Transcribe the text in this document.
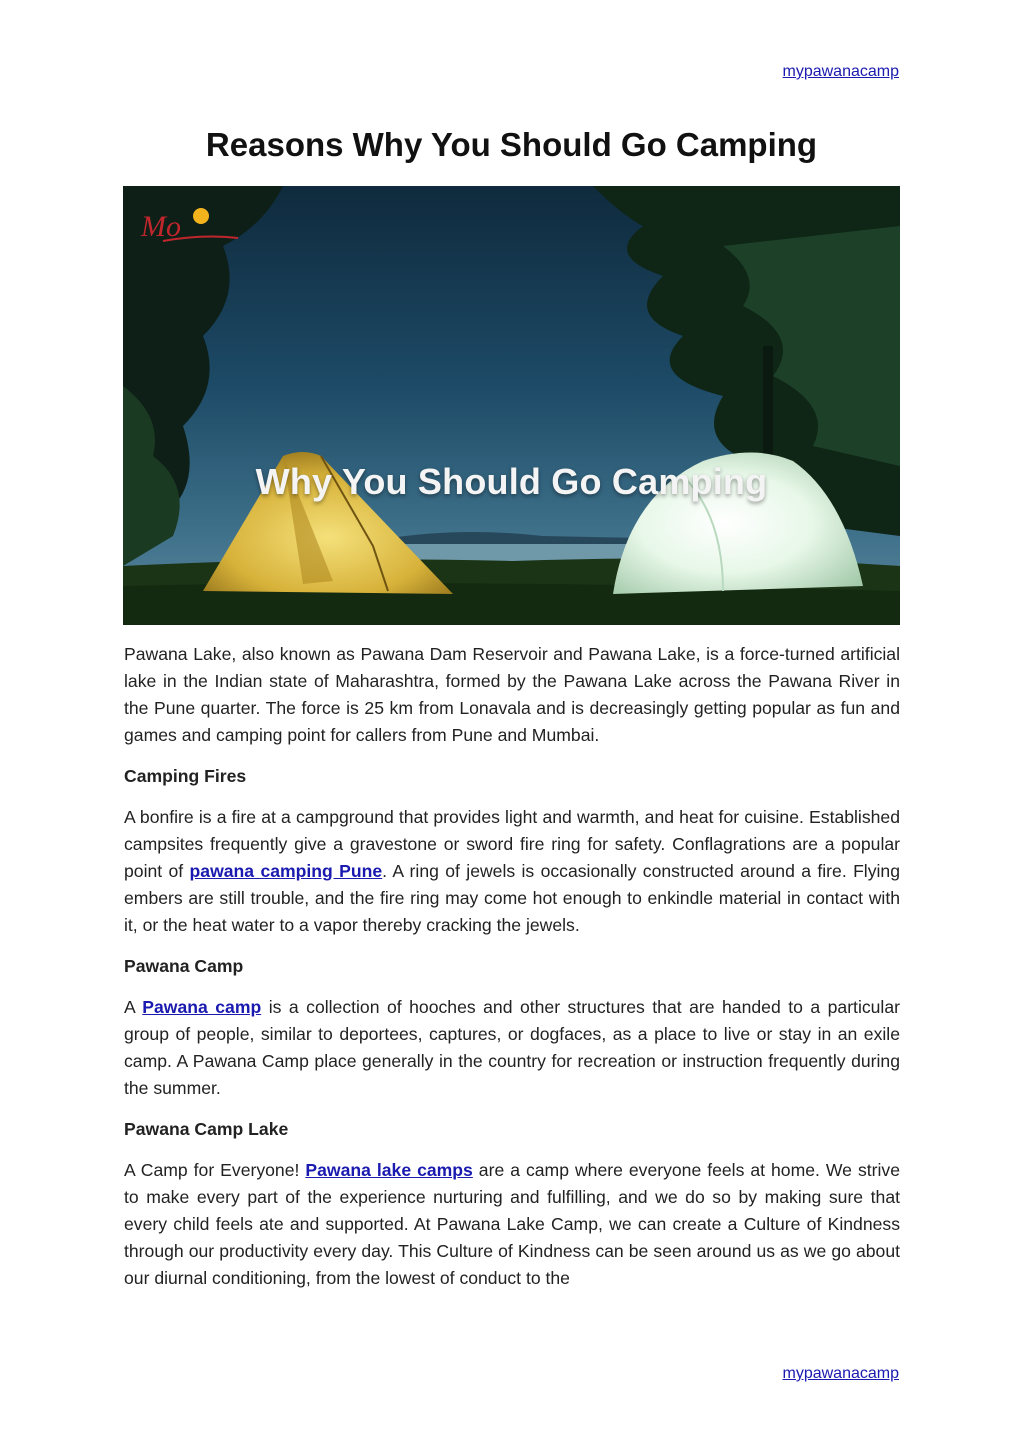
mypawanacamp
Reasons Why You Should Go Camping
Mo
Why You Should Go Camping

Pawana Lake, also known as Pawana Dam Reservoir and Pawana Lake, is a force-turned artificial lake in the Indian state of Maharashtra, formed by the Pawana Lake across the Pawana River in the Pune quarter. The force is 25 km from Lonavala and is decreasingly getting popular as fun and games and camping point for callers from Pune and Mumbai.

Camping Fires

A bonfire is a fire at a campground that provides light and warmth, and heat for cuisine. Established campsites frequently give a gravestone or sword fire ring for safety. Conflagrations are a popular point of pawana camping Pune. A ring of jewels is occasionally constructed around a fire. Flying embers are still trouble, and the fire ring may come hot enough to enkindle material in contact with it, or the heat water to a vapor thereby cracking the jewels.

Pawana Camp

A Pawana camp is a collection of hooches and other structures that are handed to a particular group of people, similar to deportees, captures, or dogfaces, as a place to live or stay in an exile camp. A Pawana Camp place generally in the country for recreation or instruction frequently during the summer.

Pawana Camp Lake

A Camp for Everyone! Pawana lake camps are a camp where everyone feels at home. We strive to make every part of the experience nurturing and fulfilling, and we do so by making sure that every child feels ate and supported. At Pawana Lake Camp, we can create a Culture of Kindness through our productivity every day. This Culture of Kindness can be seen around us as we go about our diurnal conditioning, from the lowest of conduct to the

mypawanacamp
